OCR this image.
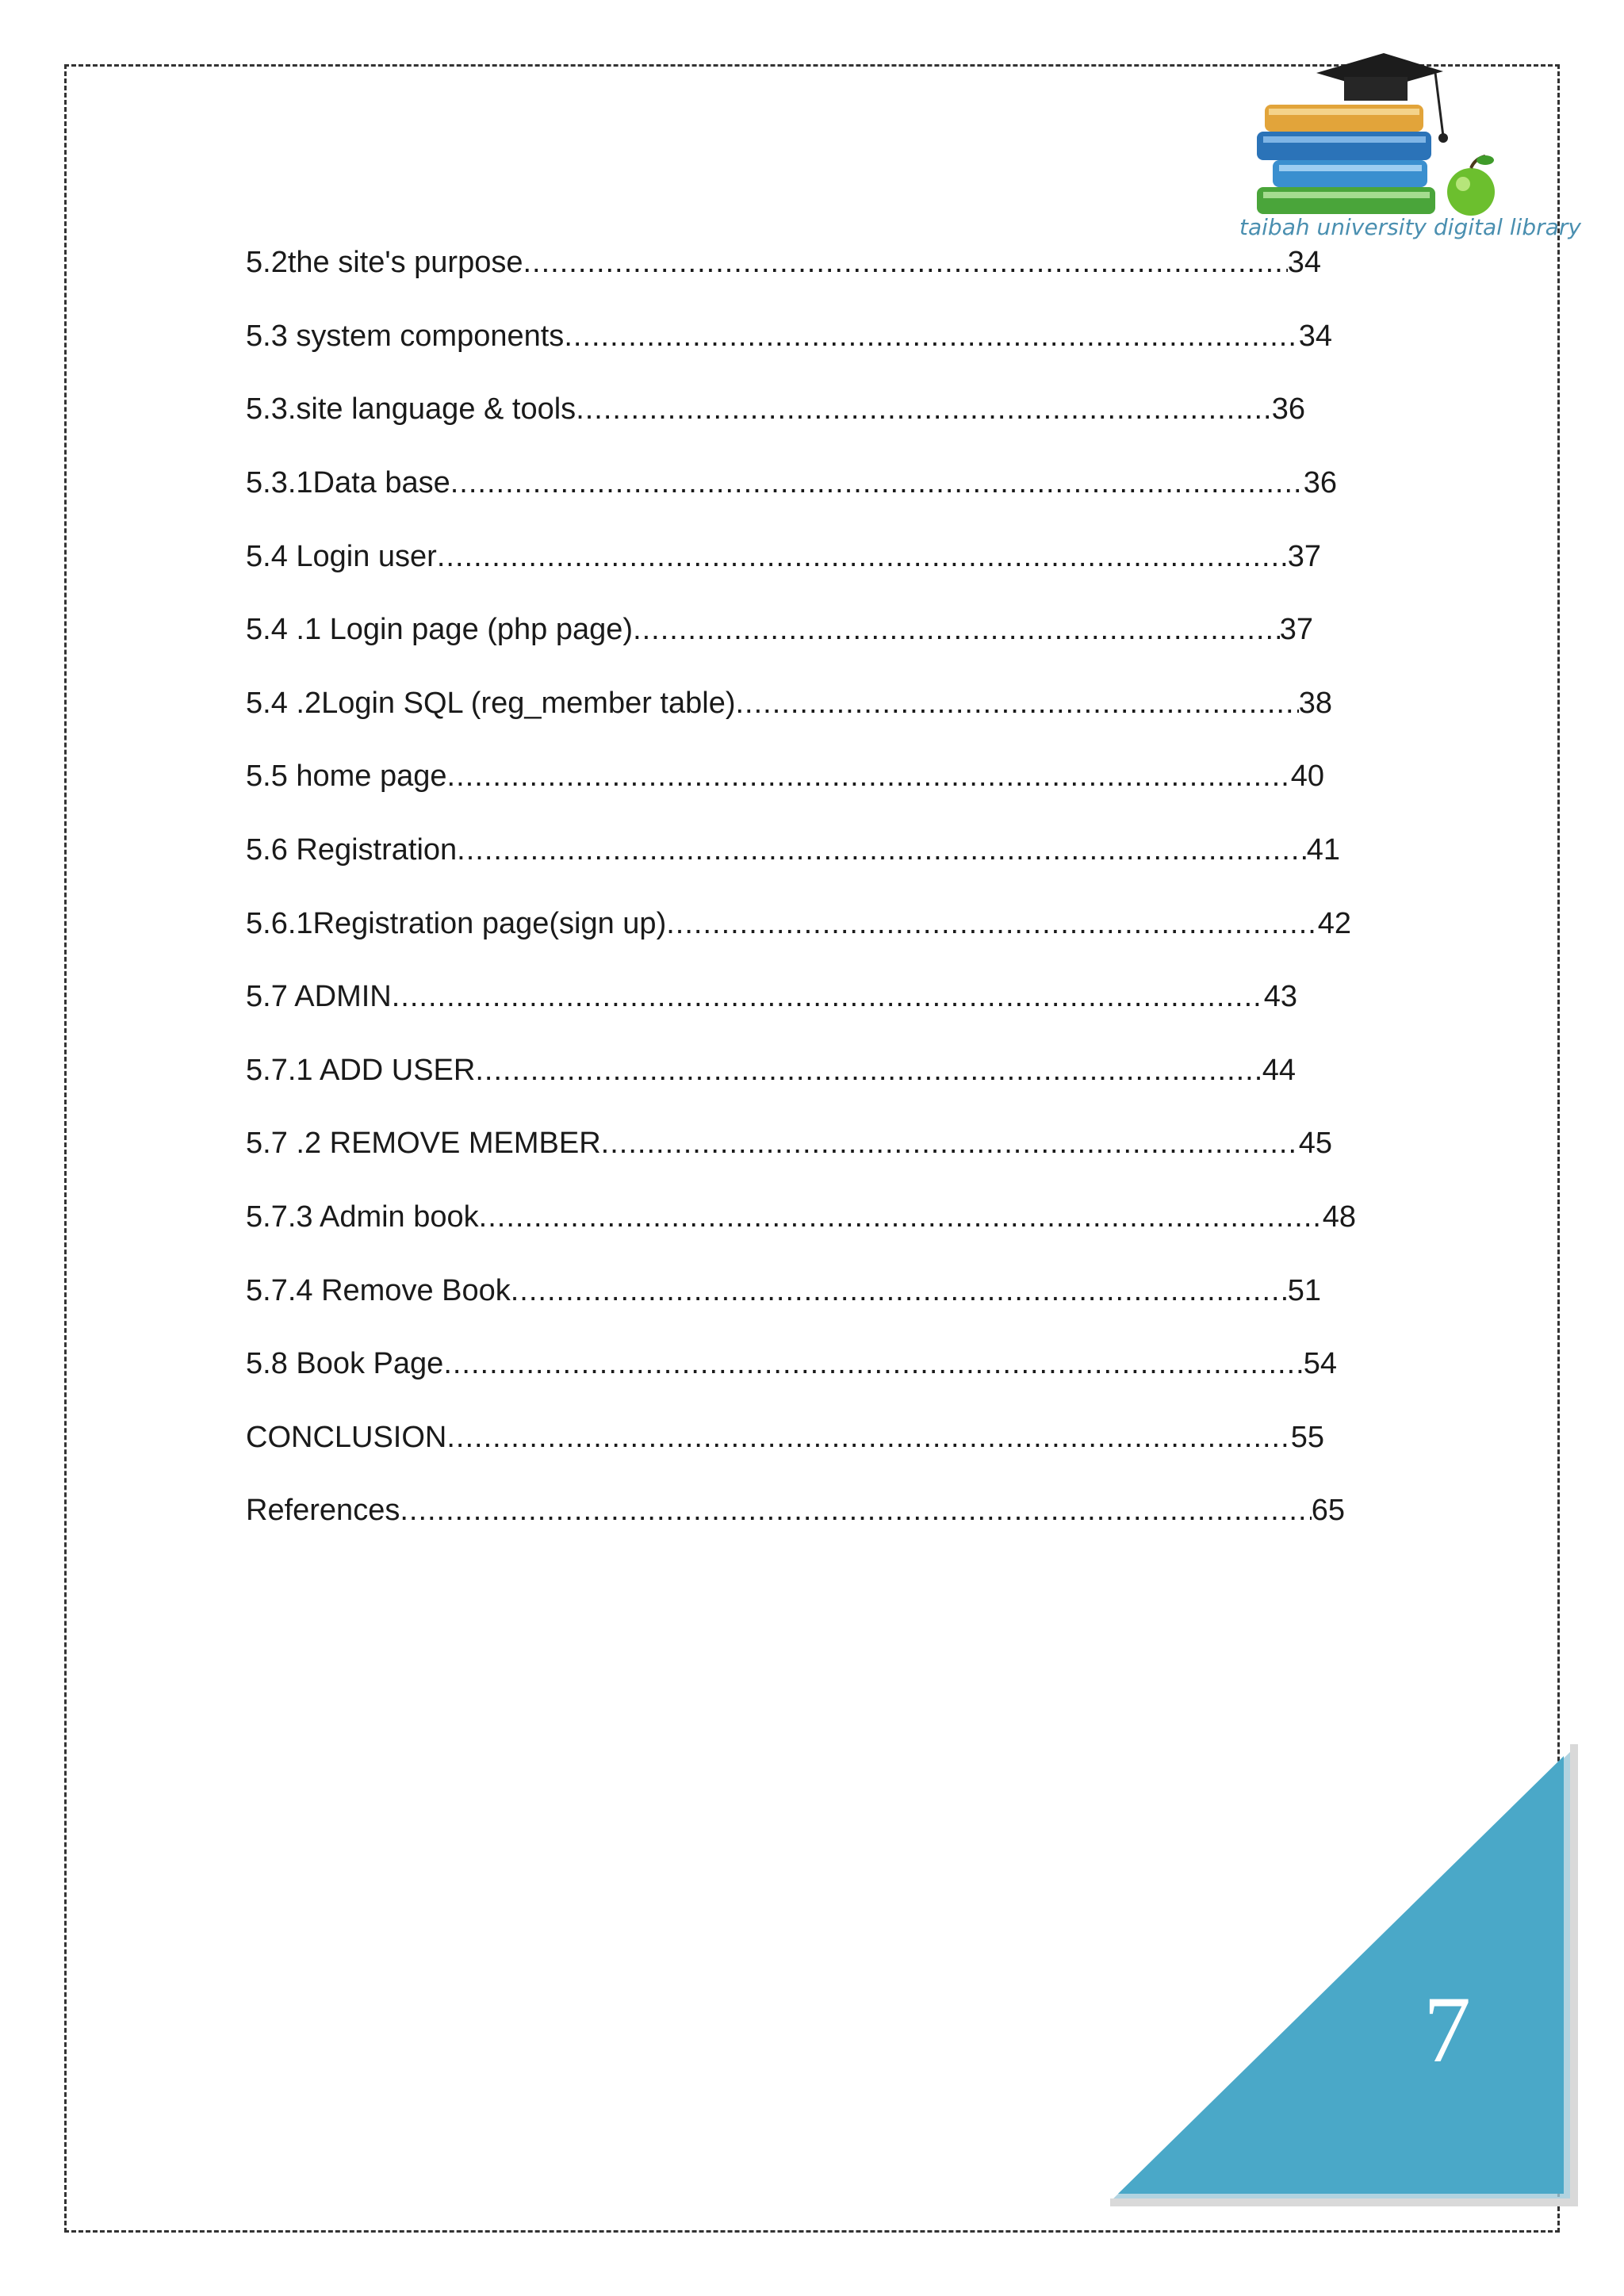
taibah university digital library
5.2the site's purpose .....	34
5.3 system components .....	34
5.3.site language & tools .....	36
5.3.1Data base .....	36
5.4 Login user .....	37
5.4 .1 Login page (php page) .....	37
5.4 .2Login SQL (reg_member table) .....	38
5.5 home page .....	40
5.6 Registration .....	41
5.6.1Registration page(sign up) .....	42
5.7 ADMIN .....	43
5.7.1 ADD USER .....	44
5.7 .2 REMOVE MEMBER .....	45
5.7.3 Admin book .....	48
5.7.4 Remove Book .....	51
5.8 Book Page .....	54
CONCLUSION .....	55
References .....	65
7
